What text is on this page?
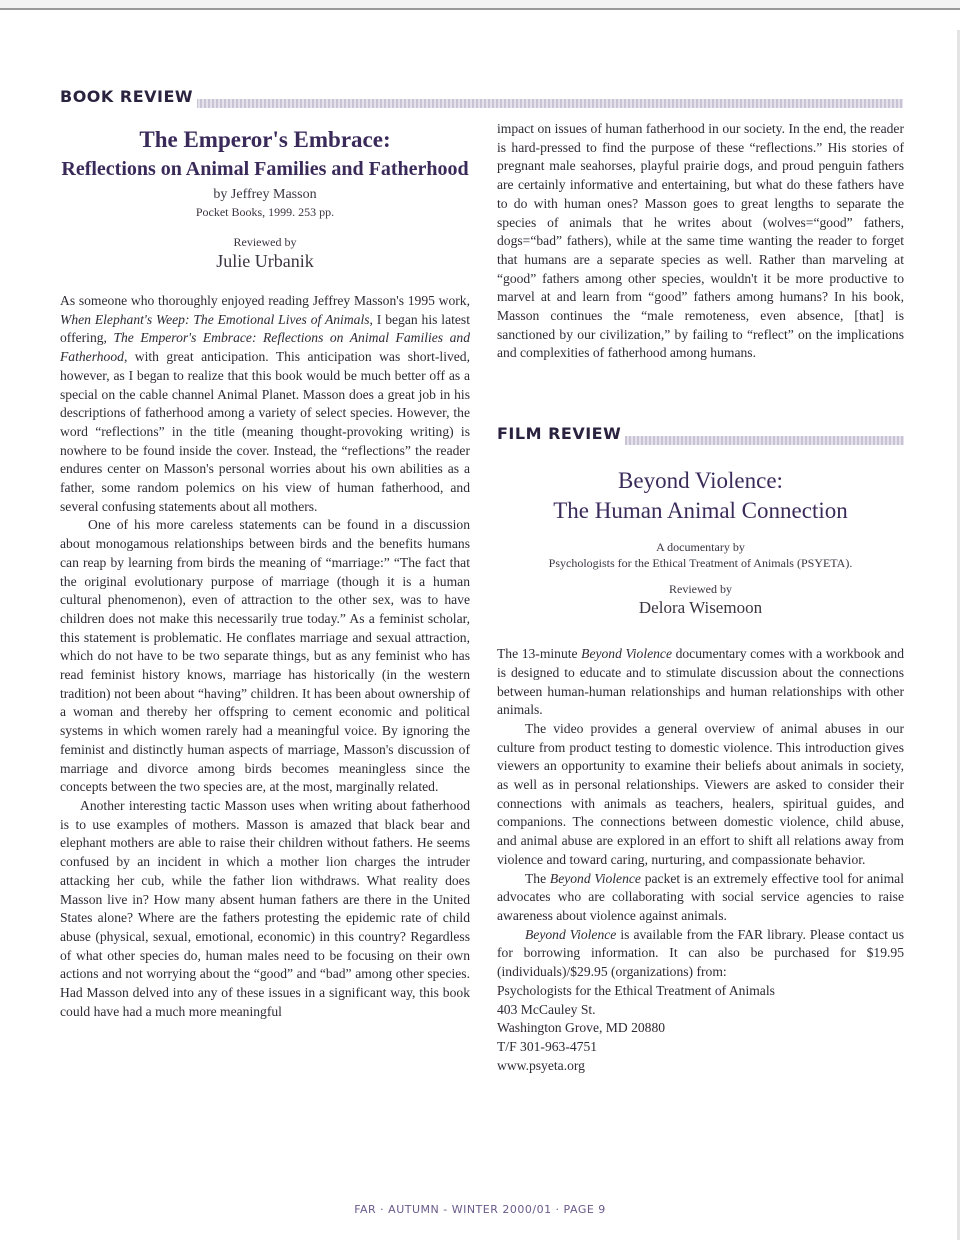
BOOK REVIEW
The Emperor's Embrace:
Reflections on Animal Families and Fatherhood
by Jeffrey Masson
Pocket Books, 1999. 253 pp.
Reviewed by
Julie Urbanik

As someone who thoroughly enjoyed reading Jeffrey Masson's 1995 work, When Elephant's Weep: The Emotional Lives of Animals, I began his latest offering, The Emperor's Embrace: Reflections on Animal Families and Fatherhood, with great anticipation. This anticipation was short-lived, however, as I began to realize that this book would be much better off as a special on the cable channel Animal Planet. Masson does a great job in his descriptions of fatherhood among a variety of select species. However, the word “reflections” in the title (meaning thought-provoking writing) is nowhere to be found inside the cover. Instead, the “reflections” the reader endures center on Masson's personal worries about his own abilities as a father, some random polemics on his view of human fatherhood, and several confusing statements about all mothers.

One of his more careless statements can be found in a discussion about monogamous relationships between birds and the benefits humans can reap by learning from birds the meaning of “marriage:” “The fact that the original evolutionary purpose of marriage (though it is a human cultural phenomenon), even of attraction to the other sex, was to have children does not make this necessarily true today.” As a feminist scholar, this statement is problematic. He conflates marriage and sexual attraction, which do not have to be two separate things, but as any feminist who has read feminist history knows, marriage has historically (in the western tradition) not been about “having” children. It has been about ownership of a woman and thereby her offspring to cement economic and political systems in which women rarely had a meaningful voice. By ignoring the feminist and distinctly human aspects of marriage, Masson's discussion of marriage and divorce among birds becomes meaningless since the concepts between the two species are, at the most, marginally related.

Another interesting tactic Masson uses when writing about fatherhood is to use examples of mothers. Masson is amazed that black bear and elephant mothers are able to raise their children without fathers. He seems confused by an incident in which a mother lion charges the intruder attacking her cub, while the father lion withdraws. What reality does Masson live in? How many absent human fathers are there in the United States alone? Where are the fathers protesting the epidemic rate of child abuse (physical, sexual, emotional, economic) in this country? Regardless of what other species do, human males need to be focusing on their own actions and not worrying about the “good” and “bad” among other species. Had Masson delved into any of these issues in a significant way, this book could have had a much more meaningful

impact on issues of human fatherhood in our society. In the end, the reader is hard-pressed to find the purpose of these “reflections.” His stories of pregnant male seahorses, playful prairie dogs, and proud penguin fathers are certainly informative and entertaining, but what do these fathers have to do with human ones? Masson goes to great lengths to separate the species of animals that he writes about (wolves=“good” fathers, dogs=“bad” fathers), while at the same time wanting the reader to forget that humans are a separate species as well. Rather than marveling at “good” fathers among other species, wouldn't it be more productive to marvel at and learn from “good” fathers among humans? In his book, Masson continues the “male remoteness, even absence, [that] is sanctioned by our civilization,” by failing to “reflect” on the implications and complexities of fatherhood among humans.

FILM REVIEW
Beyond Violence:
The Human Animal Connection
A documentary by
Psychologists for the Ethical Treatment of Animals (PSYETA).
Reviewed by
Delora Wisemoon

The 13-minute Beyond Violence documentary comes with a workbook and is designed to educate and to stimulate discussion about the connections between human-human relationships and human relationships with other animals.

The video provides a general overview of animal abuses in our culture from product testing to domestic violence. This introduction gives viewers an opportunity to examine their beliefs about animals in society, as well as in personal relationships. Viewers are asked to consider their connections with animals as teachers, healers, spiritual guides, and companions. The connections between domestic violence, child abuse, and animal abuse are explored in an effort to shift all relations away from violence and toward caring, nurturing, and compassionate behavior.

The Beyond Violence packet is an extremely effective tool for animal advocates who are collaborating with social service agencies to raise awareness about violence against animals.

Beyond Violence is available from the FAR library. Please contact us for borrowing information. It can also be purchased for $19.95 (individuals)/$29.95 (organizations) from:

Psychologists for the Ethical Treatment of Animals

403 McCauley St.

Washington Grove, MD 20880

T/F 301-963-4751

www.psyeta.org

FAR · AUTUMN - WINTER 2000/01 · PAGE 9
